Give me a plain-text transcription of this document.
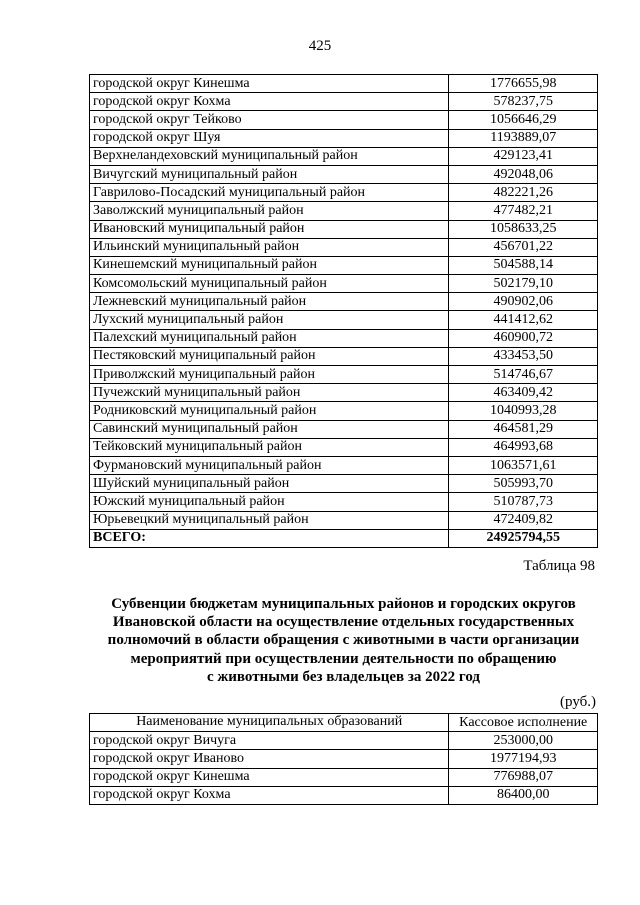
425
городской округ Кинешма	1776655,98
городской округ Кохма	578237,75
городской округ Тейково	1056646,29
городской округ Шуя	1193889,07
Верхнеландеховский муниципальный район	429123,41
Вичугский муниципальный район	492048,06
Гаврилово-Посадский муниципальный район	482221,26
Заволжский муниципальный район	477482,21
Ивановский муниципальный район	1058633,25
Ильинский муниципальный район	456701,22
Кинешемский муниципальный район	504588,14
Комсомольский муниципальный район	502179,10
Лежневский муниципальный район	490902,06
Лухский муниципальный район	441412,62
Палехский муниципальный район	460900,72
Пестяковский муниципальный район	433453,50
Приволжский муниципальный район	514746,67
Пучежский муниципальный район	463409,42
Родниковский муниципальный район	1040993,28
Савинский муниципальный район	464581,29
Тейковский муниципальный район	464993,68
Фурмановский муниципальный район	1063571,61
Шуйский муниципальный район	505993,70
Южский муниципальный район	510787,73
Юрьевецкий муниципальный район	472409,82
ВСЕГО:	24925794,55
Таблица 98
Субвенции бюджетам муниципальных районов и городских округов
Ивановской области на осуществление отдельных государственных
полномочий в области обращения с животными в части организации
мероприятий при осуществлении деятельности по обращению
с животными без владельцев за 2022 год
(руб.)
Наименование муниципальных образований	Кассовое исполнение
городской округ Вичуга	253000,00
городской округ Иваново	1977194,93
городской округ Кинешма	776988,07
городской округ Кохма	86400,00
